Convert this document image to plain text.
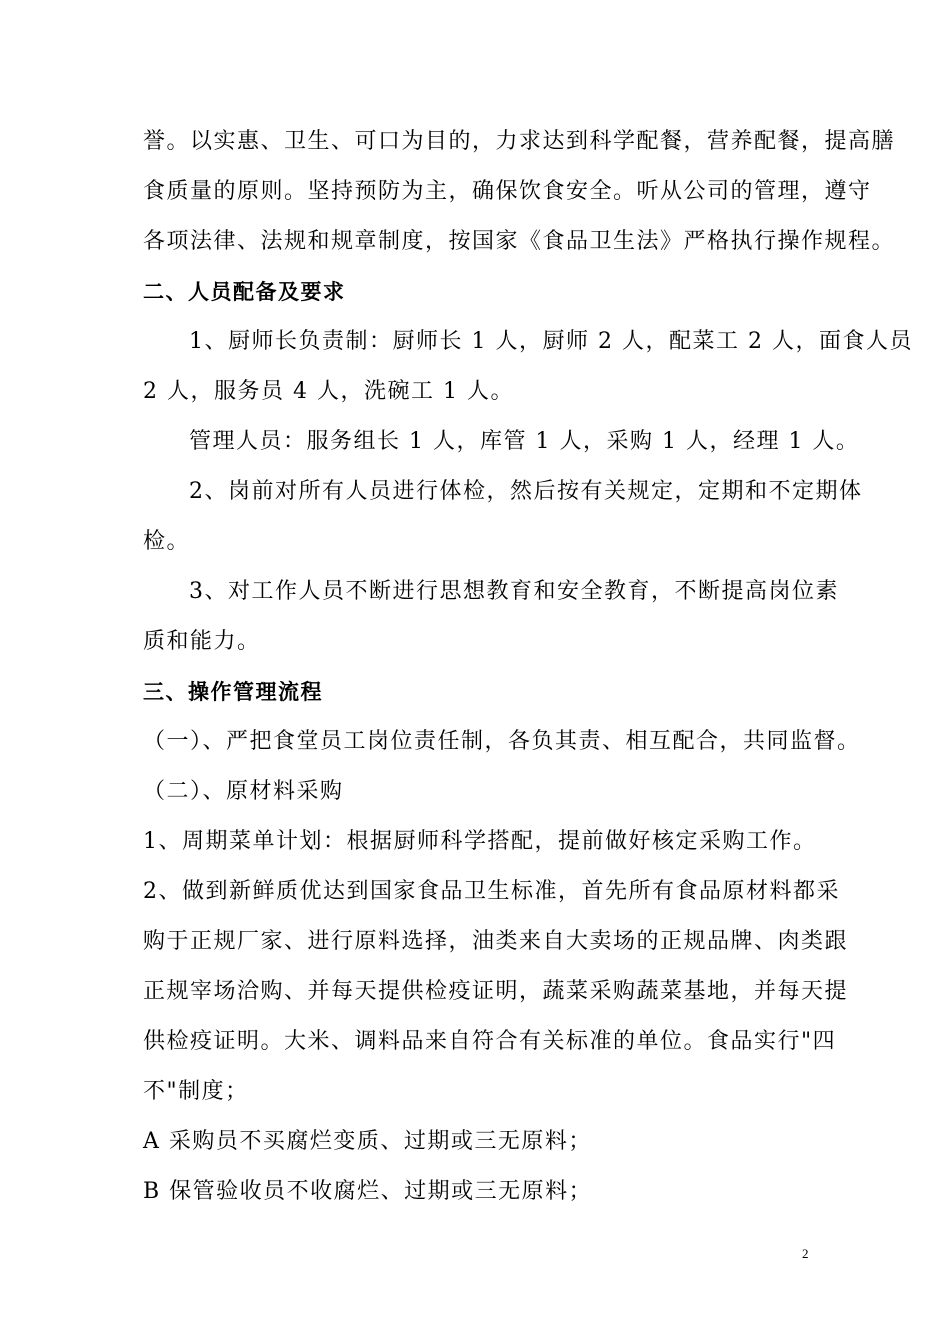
誉。以实惠、卫生、可口为目的，力求达到科学配餐，营养配餐，提高膳
食质量的原则。坚持预防为主，确保饮食安全。听从公司的管理，遵守
各项法律、法规和规章制度，按国家《食品卫生法》严格执行操作规程。
二、人员配备及要求
1、厨师长负责制：厨师长 1 人，厨师 2 人，配菜工 2 人，面食人员
2 人，服务员 4 人，洗碗工 1 人。
管理人员：服务组长 1 人，库管 1 人，采购 1 人，经理 1 人。
2、岗前对所有人员进行体检，然后按有关规定，定期和不定期体
检。
3、对工作人员不断进行思想教育和安全教育，不断提高岗位素
质和能力。
三、操作管理流程
（一）、严把食堂员工岗位责任制，各负其责、相互配合，共同监督。
（二）、原材料采购
1、周期菜单计划：根据厨师科学搭配，提前做好核定采购工作。
2、做到新鲜质优达到国家食品卫生标准，首先所有食品原材料都采
购于正规厂家、进行原料选择，油类来自大卖场的正规品牌、肉类跟
正规宰场洽购、并每天提供检疫证明，蔬菜采购蔬菜基地，并每天提
供检疫证明。大米、调料品来自符合有关标准的单位。食品实行"四
不"制度；
A 采购员不买腐烂变质、过期或三无原料；
B 保管验收员不收腐烂、过期或三无原料；
2
